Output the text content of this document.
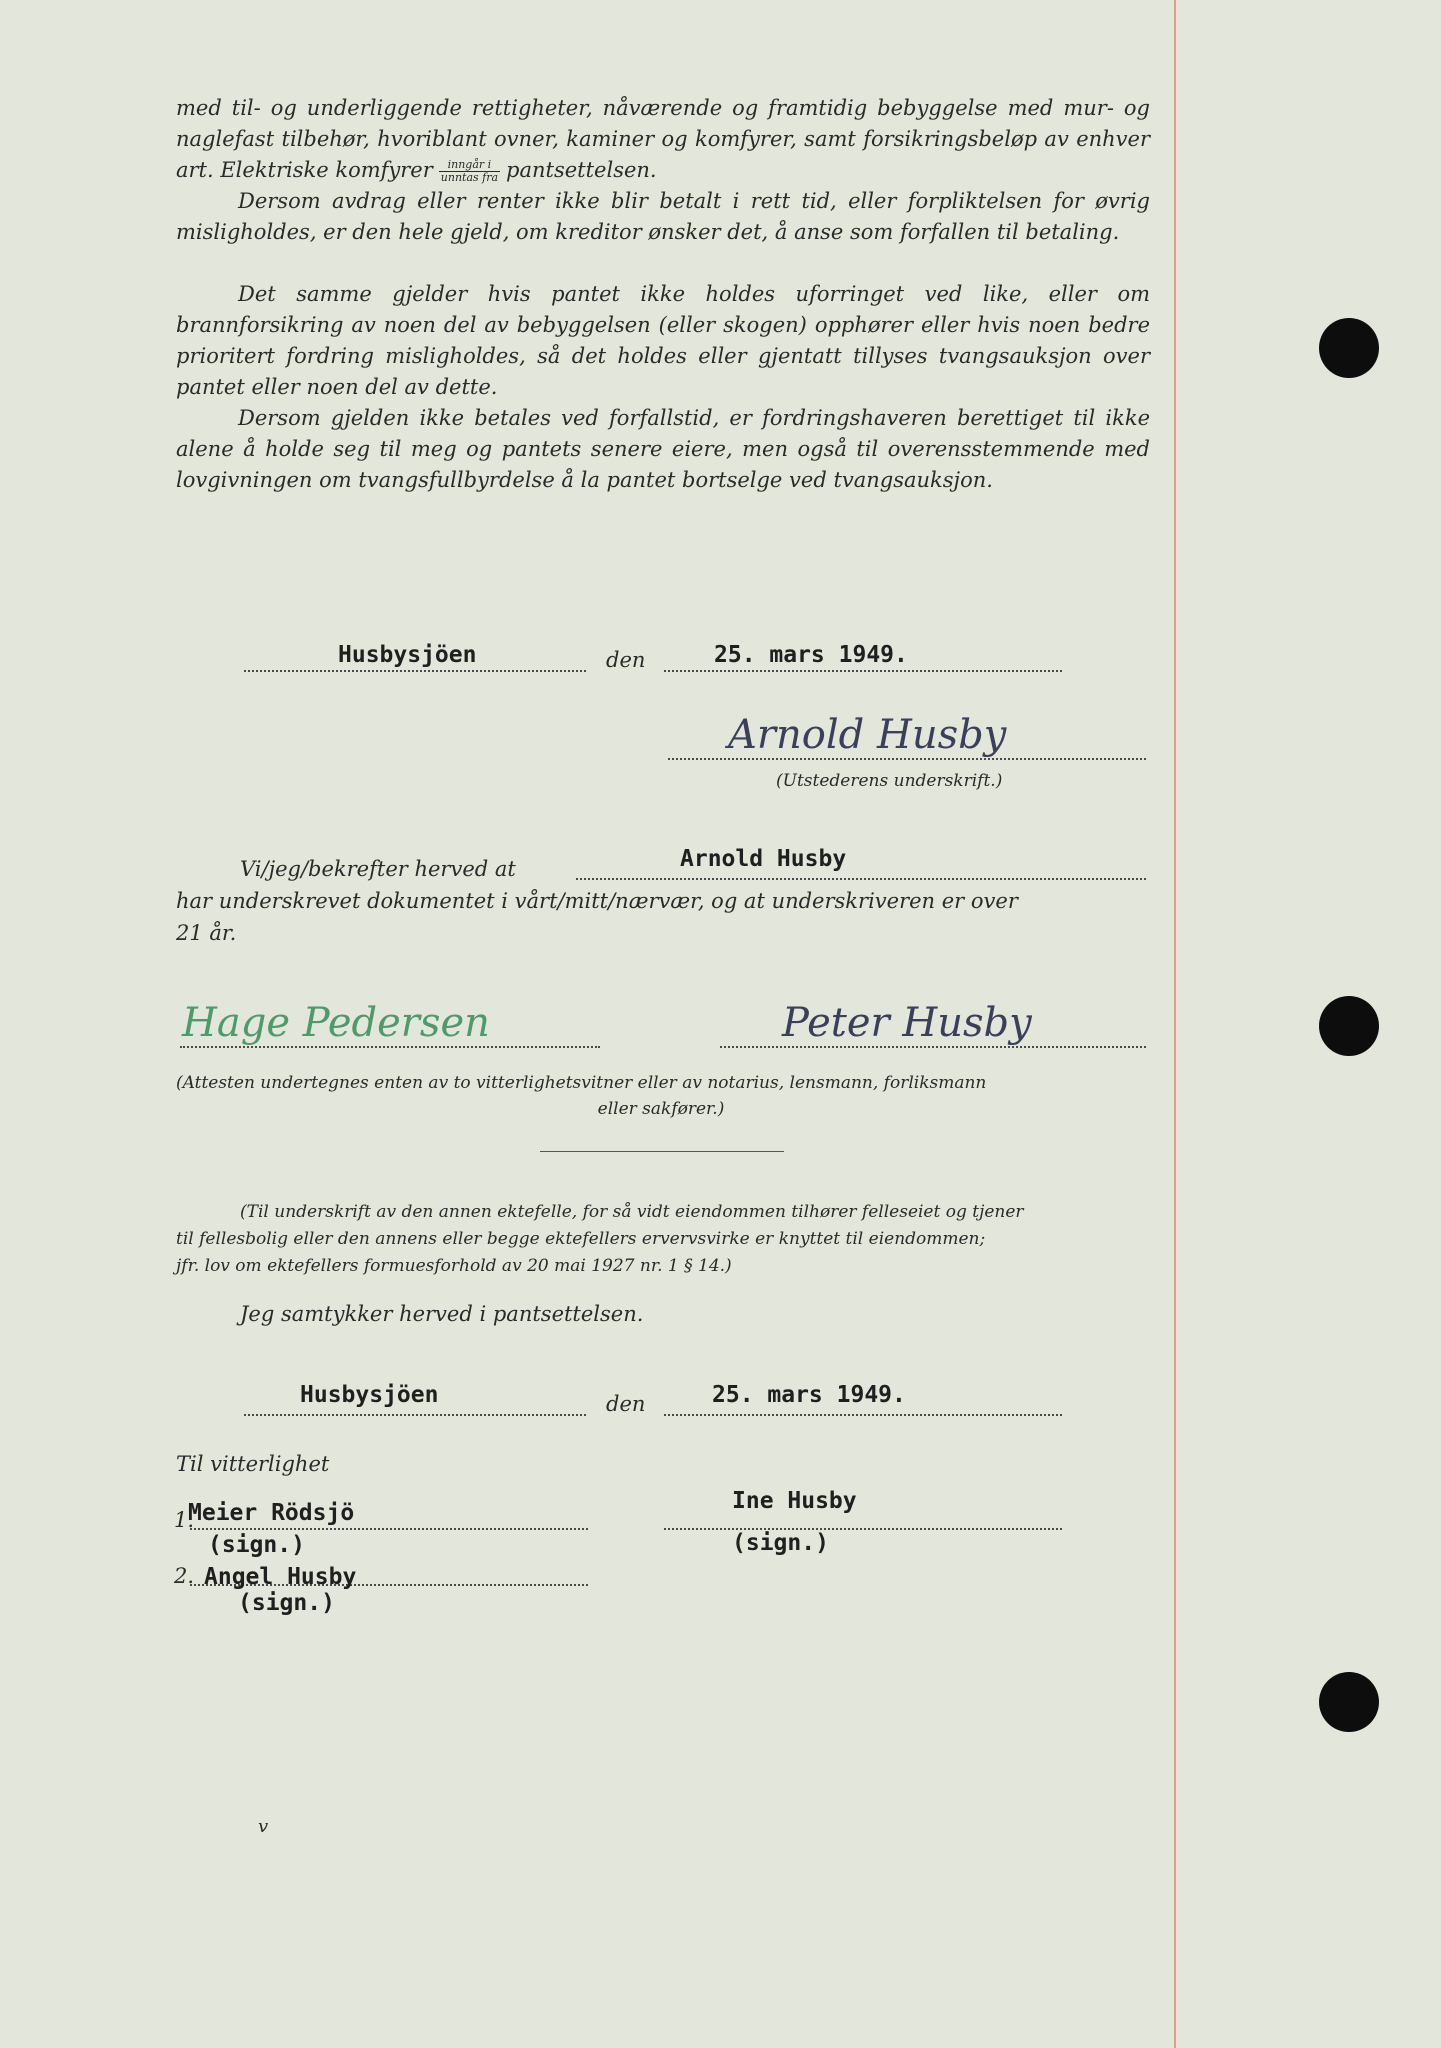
med til- og underliggende rettigheter, nåværende og framtidig bebyggelse med mur- og naglefast tilbehør, hvoriblant ovner, kaminer og komfyrer, samt forsikringsbeløp av enhver art. Elektriske komfyrer $\frac{\text{inngår i}}{\text{unntas fra}}$ pantsettelsen.

Dersom avdrag eller renter ikke blir betalt i rett tid, eller forpliktelsen for øvrig misligholdes, er den hele gjeld, om kreditor ønsker det, å anse som forfallen til betaling.

Det samme gjelder hvis pantet ikke holdes uforringet ved like, eller om brannforsikring av noen del av bebyggelsen (eller skogen) opphører eller hvis noen bedre prioritert fordring misligholdes, så det holdes eller gjentatt tillyses tvangsauksjon over pantet eller noen del av dette.

Dersom gjelden ikke betales ved forfallstid, er fordringshaveren berettiget til ikke alene å holde seg til meg og pantets senere eiere, men også til overensstemmende med lovgivningen om tvangsfullbyrdelse å la pantet bortselge ved tvangsauksjon.

Husbysjöen	den	25. mars 1949.
Arnold Husby
(Utstederens underskrift.)
Vi/jeg/bekrefter herved at	Arnold Husby
har underskrevet dokumentet i vårt/mitt/nærvær, og at underskriveren er over
21 år.
Hage Pedersen	Peter Husby
(Attesten undertegnes enten av to vitterlighetsvitner eller av notarius, lensmann, forliksmann
eller sakfører.)
(Til underskrift av den annen ektefelle, for så vidt eiendommen tilhører felleseiet og tjener
til fellesbolig eller den annens eller begge ektefellers ervervsvirke er knyttet til eiendommen;
jfr. lov om ektefellers formuesforhold av 20 mai 1927 nr. 1 § 14.)
Jeg samtykker herved i pantsettelsen.
Husbysjöen	den	25. mars 1949.
Til vitterlighet
1.
Meier Rödsjö
(sign.)
Ine Husby
(sign.)
2. Angel Husby
(sign.)
v
